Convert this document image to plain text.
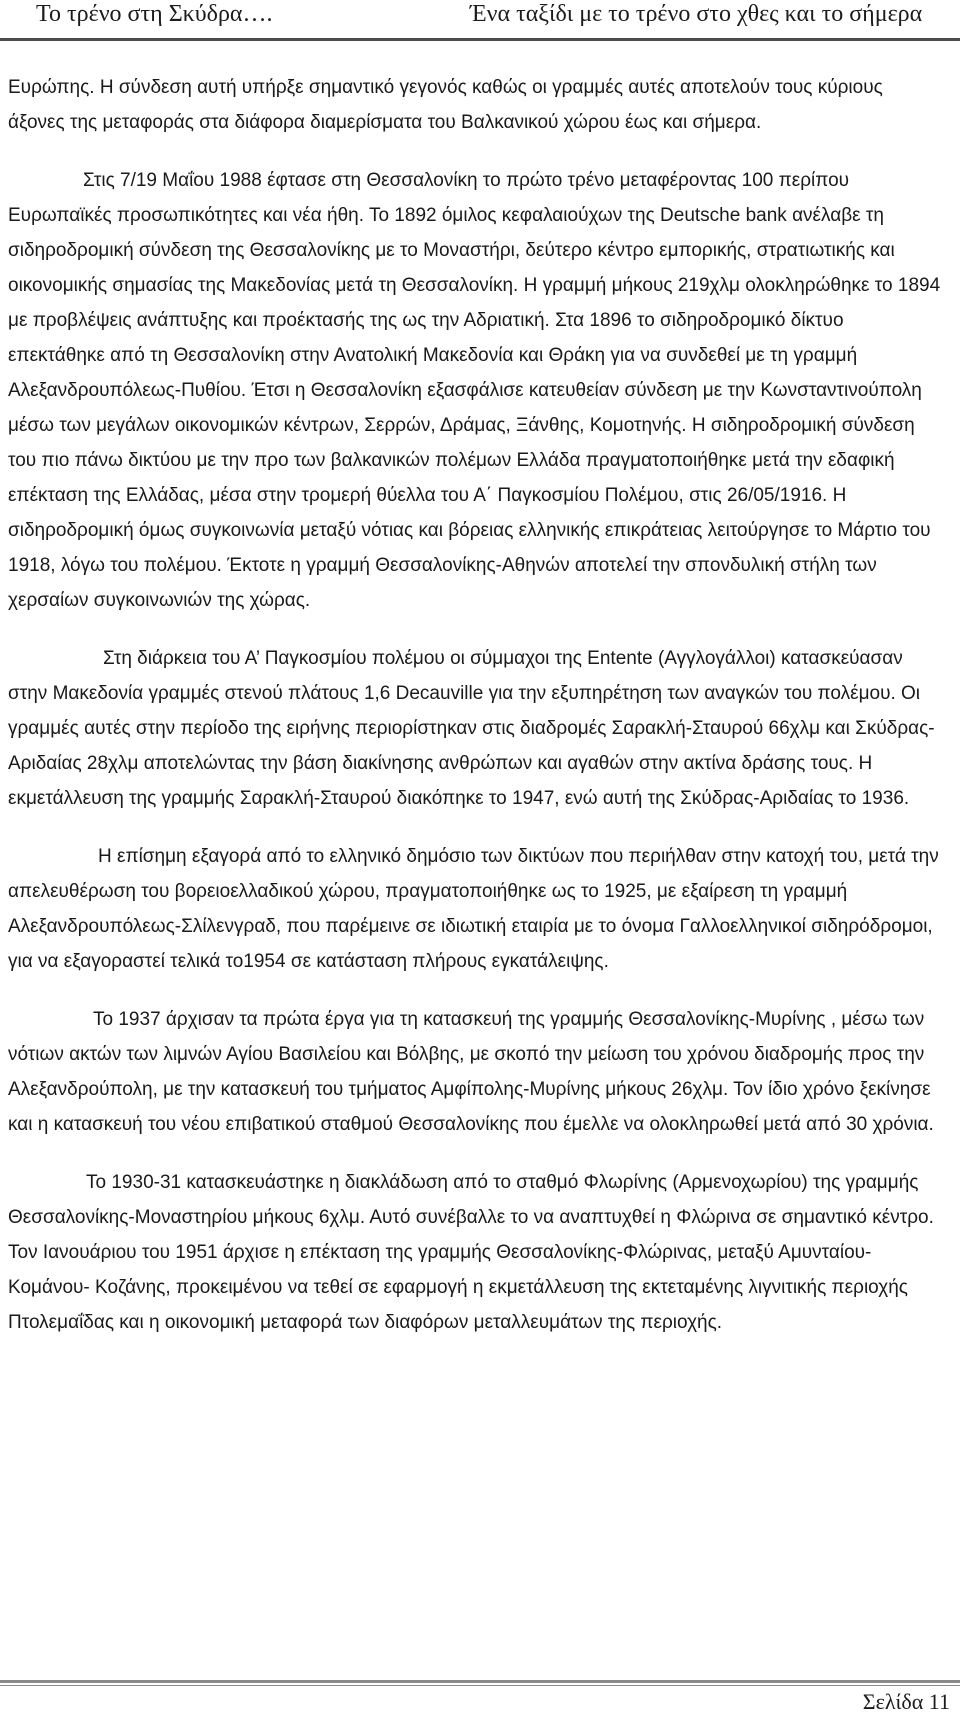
Το τρένο στη Σκύδρα….	Ένα ταξίδι με το τρένο στο χθες και το σήμερα

Ευρώπης. Η σύνδεση αυτή υπήρξε σημαντικό γεγονός καθώς οι γραμμές αυτές αποτελούν τους κύριους άξονες της μεταφοράς στα διάφορα διαμερίσματα του Βαλκανικού χώρου έως και σήμερα.

Στις 7/19 Μαΐου 1988 έφτασε στη Θεσσαλονίκη το πρώτο τρένο μεταφέροντας 100 περίπου Ευρωπαϊκές προσωπικότητες και νέα ήθη. Το 1892 όμιλος κεφαλαιούχων της Deutsche bank ανέλαβε τη σιδηροδρομική σύνδεση της Θεσσαλονίκης με το Μοναστήρι, δεύτερο κέντρο εμπορικής, στρατιωτικής και οικονομικής σημασίας της Μακεδονίας μετά τη Θεσσαλονίκη. Η γραμμή μήκους 219χλμ ολοκληρώθηκε το 1894 με προβλέψεις ανάπτυξης και προέκτασής της ως την Αδριατική. Στα 1896 το σιδηροδρομικό δίκτυο επεκτάθηκε από τη Θεσσαλονίκη στην Ανατολική Μακεδονία και Θράκη για να συνδεθεί με τη γραμμή Αλεξανδρουπόλεως-Πυθίου. Έτσι η Θεσσαλονίκη εξασφάλισε κατευθείαν σύνδεση με την Κωνσταντινούπολη μέσω των μεγάλων οικονομικών κέντρων, Σερρών, Δράμας, Ξάνθης, Κομοτηνής. Η σιδηροδρομική σύνδεση του πιο πάνω δικτύου με την προ των βαλκανικών πολέμων Ελλάδα πραγματοποιήθηκε μετά την εδαφική επέκταση της Ελλάδας, μέσα στην τρομερή θύελλα του Α΄ Παγκοσμίου Πολέμου, στις 26/05/1916. Η σιδηροδρομική όμως συγκοινωνία μεταξύ νότιας και βόρειας ελληνικής επικράτειας λειτούργησε το Μάρτιο του 1918, λόγω του πολέμου. Έκτοτε η γραμμή Θεσσαλονίκης-Αθηνών αποτελεί την σπονδυλική στήλη των χερσαίων συγκοινωνιών της χώρας.

Στη διάρκεια του Α’ Παγκοσμίου πολέμου οι σύμμαχοι της Entente (Αγγλογάλλοι) κατασκεύασαν στην Μακεδονία γραμμές στενού πλάτους 1,6 Decauville για την εξυπηρέτηση των αναγκών του πολέμου. Οι γραμμές αυτές στην περίοδο της ειρήνης περιορίστηκαν στις διαδρομές Σαρακλή-Σταυρού 66χλμ και Σκύδρας-Αριδαίας 28χλμ αποτελώντας την βάση διακίνησης ανθρώπων και αγαθών στην ακτίνα δράσης τους. Η εκμετάλλευση της γραμμής Σαρακλή-Σταυρού διακόπηκε το 1947, ενώ αυτή της Σκύδρας-Αριδαίας το 1936.

Η επίσημη εξαγορά από το ελληνικό δημόσιο των δικτύων που περιήλθαν στην κατοχή του, μετά την απελευθέρωση του βορειοελλαδικού χώρου, πραγματοποιήθηκε ως το 1925, με εξαίρεση τη γραμμή Αλεξανδρουπόλεως-Σλίλενγραδ, που παρέμεινε σε ιδιωτική εταιρία με το όνομα Γαλλοελληνικοί σιδηρόδρομοι, για να εξαγοραστεί τελικά το1954 σε κατάσταση πλήρους εγκατάλειψης.

Το 1937 άρχισαν τα πρώτα έργα για τη κατασκευή της γραμμής Θεσσαλονίκης-Μυρίνης , μέσω των νότιων ακτών των λιμνών Αγίου Βασιλείου και Βόλβης, με σκοπό την μείωση του χρόνου διαδρομής προς την Αλεξανδρούπολη, με την κατασκευή του τμήματος Αμφίπολης-Μυρίνης μήκους 26χλμ. Τον ίδιο χρόνο ξεκίνησε και η κατασκευή του νέου επιβατικού σταθμού Θεσσαλονίκης που έμελλε να ολοκληρωθεί μετά από 30 χρόνια.

Το 1930-31 κατασκευάστηκε η διακλάδωση από το σταθμό Φλωρίνης (Αρμενοχωρίου) της γραμμής Θεσσαλονίκης-Μοναστηρίου μήκους 6χλμ. Αυτό συνέβαλλε το να αναπτυχθεί η Φλώρινα σε σημαντικό κέντρο. Τον Ιανουάριου του 1951 άρχισε η επέκταση της γραμμής Θεσσαλονίκης-Φλώρινας, μεταξύ Αμυνταίου- Κομάνου- Κοζάνης, προκειμένου να τεθεί σε εφαρμογή η εκμετάλλευση της εκτεταμένης λιγνιτικής περιοχής Πτολεμαΐδας και η οικονομική μεταφορά των διαφόρων μεταλλευμάτων της περιοχής.

Σελίδα 11
